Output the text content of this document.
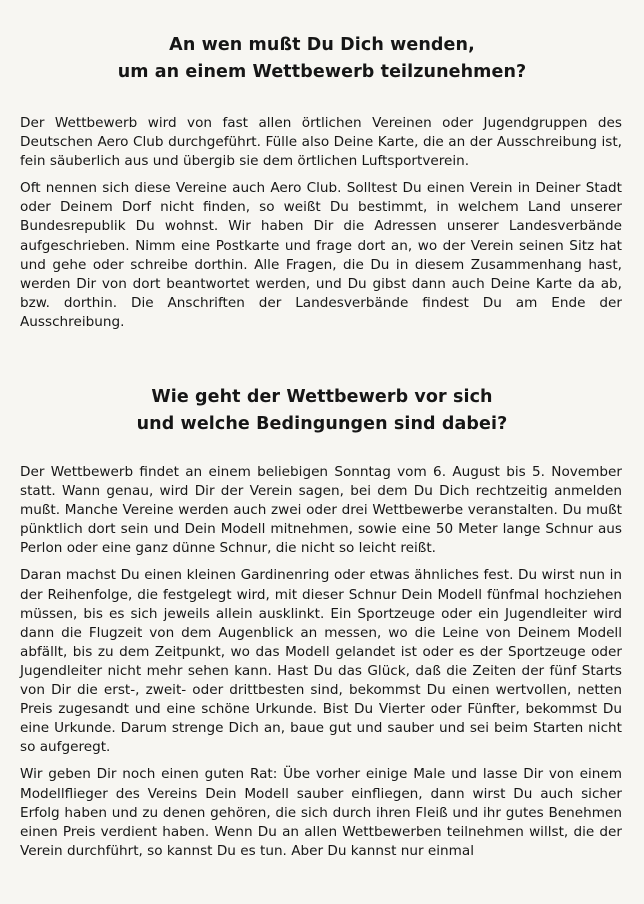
An wen mußt Du Dich wenden,
um an einem Wettbewerb teilzunehmen?

Der Wettbewerb wird von fast allen örtlichen Vereinen oder Jugendgruppen des Deutschen Aero Club durchgeführt. Fülle also Deine Karte, die an der Ausschreibung ist, fein säuberlich aus und übergib sie dem örtlichen Luftsportverein.

Oft nennen sich diese Vereine auch Aero Club. Solltest Du einen Verein in Deiner Stadt oder Deinem Dorf nicht finden, so weißt Du bestimmt, in welchem Land unserer Bundesrepublik Du wohnst. Wir haben Dir die Adressen unserer Landesverbände aufgeschrieben. Nimm eine Postkarte und frage dort an, wo der Verein seinen Sitz hat und gehe oder schreibe dorthin. Alle Fragen, die Du in diesem Zusammenhang hast, werden Dir von dort beantwortet werden, und Du gibst dann auch Deine Karte da ab, bzw. dorthin. Die Anschriften der Landesverbände findest Du am Ende der Ausschreibung.

Wie geht der Wettbewerb vor sich
und welche Bedingungen sind dabei?

Der Wettbewerb findet an einem beliebigen Sonntag vom 6. August bis 5. November statt. Wann genau, wird Dir der Verein sagen, bei dem Du Dich rechtzeitig anmelden mußt. Manche Vereine werden auch zwei oder drei Wettbewerbe veranstalten. Du mußt pünktlich dort sein und Dein Modell mitnehmen, sowie eine 50 Meter lange Schnur aus Perlon oder eine ganz dünne Schnur, die nicht so leicht reißt.

Daran machst Du einen kleinen Gardinenring oder etwas ähnliches fest. Du wirst nun in der Reihenfolge, die festgelegt wird, mit dieser Schnur Dein Modell fünfmal hochziehen müssen, bis es sich jeweils allein ausklinkt. Ein Sportzeuge oder ein Jugendleiter wird dann die Flugzeit von dem Augenblick an messen, wo die Leine von Deinem Modell abfällt, bis zu dem Zeitpunkt, wo das Modell gelandet ist oder es der Sportzeuge oder Jugendleiter nicht mehr sehen kann. Hast Du das Glück, daß die Zeiten der fünf Starts von Dir die erst-, zweit- oder drittbesten sind, bekommst Du einen wertvollen, netten Preis zugesandt und eine schöne Urkunde. Bist Du Vierter oder Fünfter, bekommst Du eine Urkunde. Darum strenge Dich an, baue gut und sauber und sei beim Starten nicht so aufgeregt.

Wir geben Dir noch einen guten Rat: Übe vorher einige Male und lasse Dir von einem Modellflieger des Vereins Dein Modell sauber einfliegen, dann wirst Du auch sicher Erfolg haben und zu denen gehören, die sich durch ihren Fleiß und ihr gutes Benehmen einen Preis verdient haben. Wenn Du an allen Wettbewerben teilnehmen willst, die der Verein durchführt, so kannst Du es tun. Aber Du kannst nur einmal
